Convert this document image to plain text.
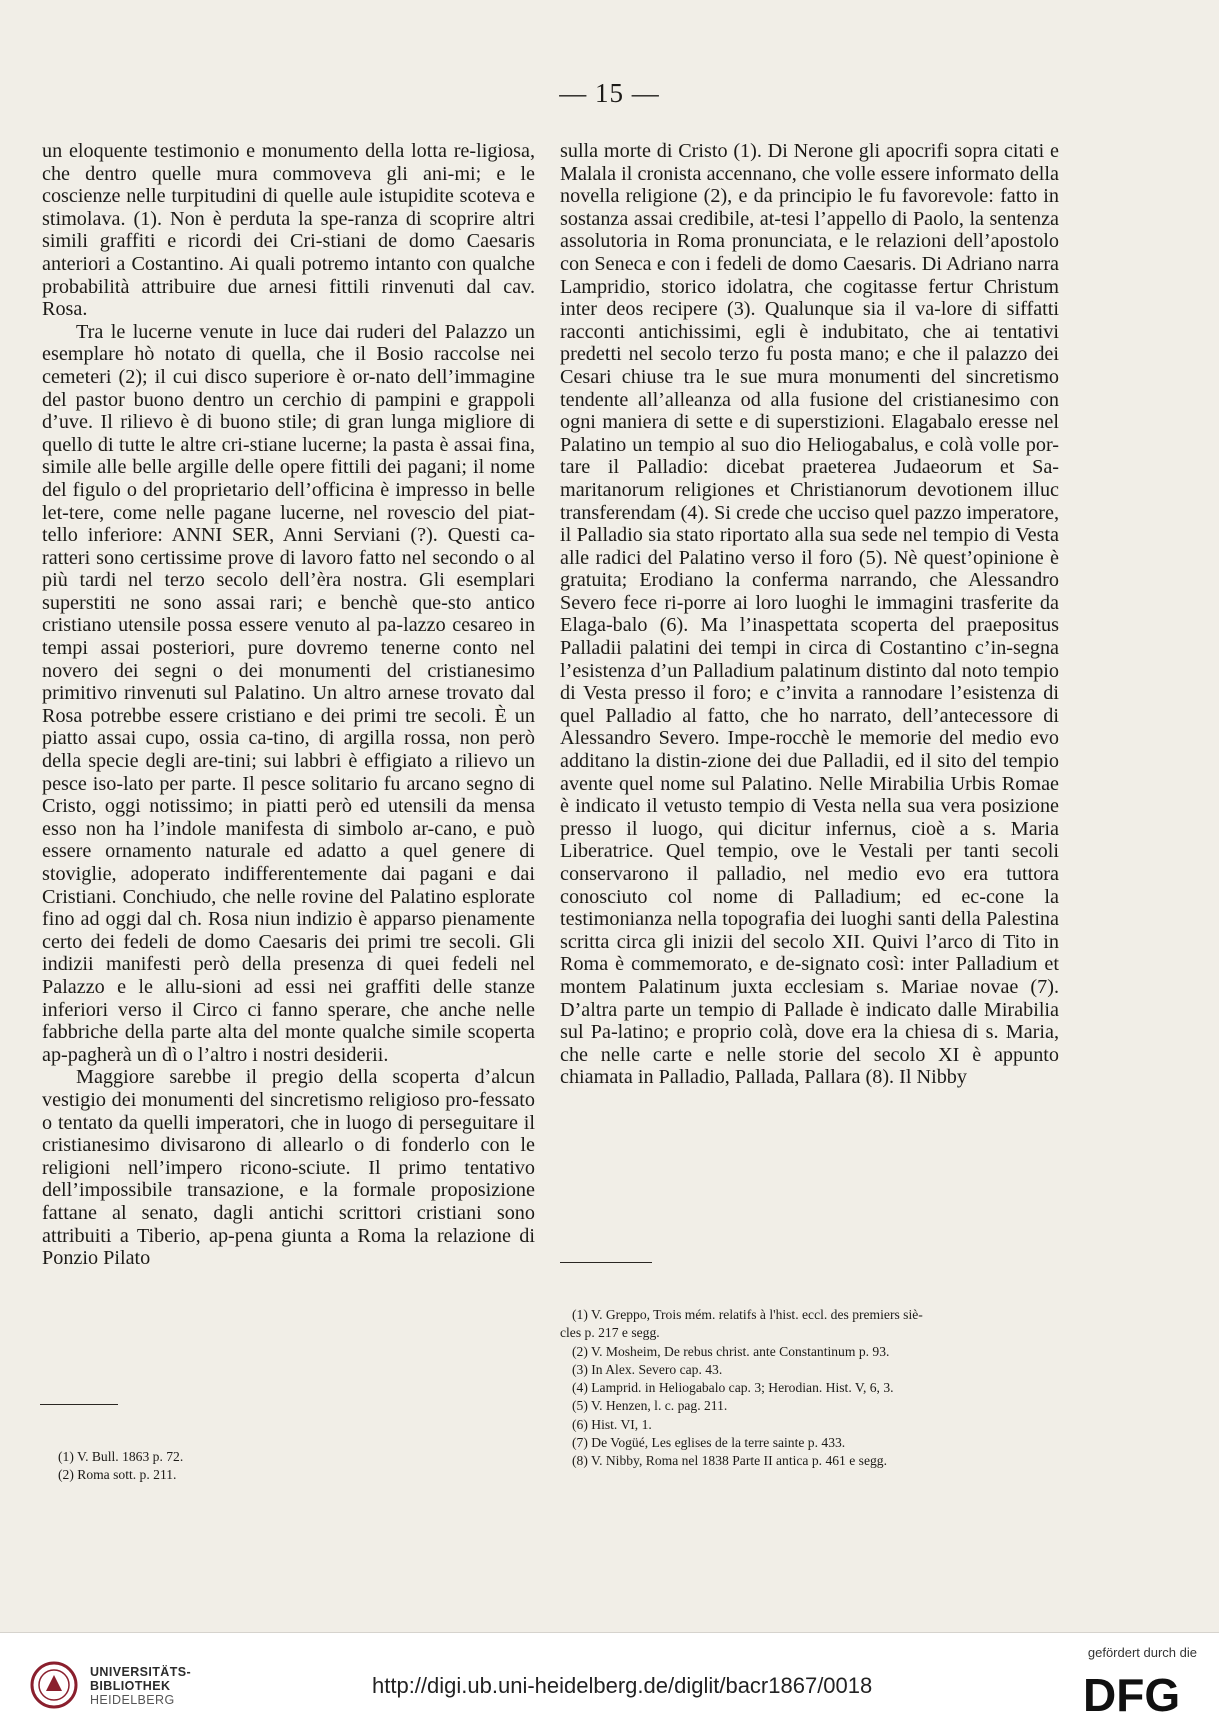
— 15 —

un eloquente testimonio e monumento della lotta re-ligiosa, che dentro quelle mura commoveva gli ani-mi; e le coscienze nelle turpitudini di quelle aule istupidite scoteva e stimolava. (1). Non è perduta la spe-ranza di scoprire altri simili graffiti e ricordi dei Cri-stiani de domo Caesaris anteriori a Costantino. Ai quali potremo intanto con qualche probabilità attribuire due arnesi fittili rinvenuti dal cav. Rosa.

Tra le lucerne venute in luce dai ruderi del Palazzo un esemplare hò notato di quella, che il Bosio raccolse nei cemeteri (2); il cui disco superiore è or-nato dell’immagine del pastor buono dentro un cerchio di pampini e grappoli d’uve. Il rilievo è di buono stile; di gran lunga migliore di quello di tutte le altre cri-stiane lucerne; la pasta è assai fina, simile alle belle argille delle opere fittili dei pagani; il nome del figulo o del proprietario dell’officina è impresso in belle let-tere, come nelle pagane lucerne, nel rovescio del piat-tello inferiore: ANNI SER, Anni Serviani (?). Questi ca-ratteri sono certissime prove di lavoro fatto nel secondo o al più tardi nel terzo secolo dell’èra nostra. Gli esemplari superstiti ne sono assai rari; e benchè que-sto antico cristiano utensile possa essere venuto al pa-lazzo cesareo in tempi assai posteriori, pure dovremo tenerne conto nel novero dei segni o dei monumenti del cristianesimo primitivo rinvenuti sul Palatino. Un altro arnese trovato dal Rosa potrebbe essere cristiano e dei primi tre secoli. È un piatto assai cupo, ossia ca-tino, di argilla rossa, non però della specie degli are-tini; sui labbri è effigiato a rilievo un pesce iso-lato per parte. Il pesce solitario fu arcano segno di Cristo, oggi notissimo; in piatti però ed utensili da mensa esso non ha l’indole manifesta di simbolo ar-cano, e può essere ornamento naturale ed adatto a quel genere di stoviglie, adoperato indifferentemente dai pagani e dai Cristiani. Conchiudo, che nelle rovine del Palatino esplorate fino ad oggi dal ch. Rosa niun indizio è apparso pienamente certo dei fedeli de domo Caesaris dei primi tre secoli. Gli indizii manifesti però della presenza di quei fedeli nel Palazzo e le allu-sioni ad essi nei graffiti delle stanze inferiori verso il Circo ci fanno sperare, che anche nelle fabbriche della parte alta del monte qualche simile scoperta ap-pagherà un dì o l’altro i nostri desiderii.

Maggiore sarebbe il pregio della scoperta d’alcun vestigio dei monumenti del sincretismo religioso pro-fessato o tentato da quelli imperatori, che in luogo di perseguitare il cristianesimo divisarono di allearlo o di fonderlo con le religioni nell’impero ricono-sciute. Il primo tentativo dell’impossibile transazione, e la formale proposizione fattane al senato, dagli antichi scrittori cristiani sono attribuiti a Tiberio, ap-pena giunta a Roma la relazione di Ponzio Pilato

sulla morte di Cristo (1). Di Nerone gli apocrifi sopra citati e Malala il cronista accennano, che volle essere informato della novella religione (2), e da principio le fu favorevole: fatto in sostanza assai credibile, at-tesi l’appello di Paolo, la sentenza assolutoria in Roma pronunciata, e le relazioni dell’apostolo con Seneca e con i fedeli de domo Caesaris. Di Adriano narra Lampridio, storico idolatra, che cogitasse fertur Christum inter deos recipere (3). Qualunque sia il va-lore di siffatti racconti antichissimi, egli è indubitato, che ai tentativi predetti nel secolo terzo fu posta mano; e che il palazzo dei Cesari chiuse tra le sue mura monumenti del sincretismo tendente all’alleanza od alla fusione del cristianesimo con ogni maniera di sette e di superstizioni. Elagabalo eresse nel Palatino un tempio al suo dio Heliogabalus, e colà volle por-tare il Palladio: dicebat praeterea Judaeorum et Sa-maritanorum religiones et Christianorum devotionem illuc transferendam (4). Si crede che ucciso quel pazzo imperatore, il Palladio sia stato riportato alla sua sede nel tempio di Vesta alle radici del Palatino verso il foro (5). Nè quest’opinione è gratuita; Erodiano la conferma narrando, che Alessandro Severo fece ri-porre ai loro luoghi le immagini trasferite da Elaga-balo (6). Ma l’inaspettata scoperta del praepositus Palladii palatini dei tempi in circa di Costantino c’in-segna l’esistenza d’un Palladium palatinum distinto dal noto tempio di Vesta presso il foro; e c’invita a rannodare l’esistenza di quel Palladio al fatto, che ho narrato, dell’antecessore di Alessandro Severo. Impe-rocchè le memorie del medio evo additano la distin-zione dei due Palladii, ed il sito del tempio avente quel nome sul Palatino. Nelle Mirabilia Urbis Romae è indicato il vetusto tempio di Vesta nella sua vera posizione presso il luogo, qui dicitur infernus, cioè a s. Maria Liberatrice. Quel tempio, ove le Vestali per tanti secoli conservarono il palladio, nel medio evo era tuttora conosciuto col nome di Palladium; ed ec-cone la testimonianza nella topografia dei luoghi santi della Palestina scritta circa gli inizii del secolo XII. Quivi l’arco di Tito in Roma è commemorato, e de-signato così: inter Palladium et montem Palatinum juxta ecclesiam s. Mariae novae (7). D’altra parte un tempio di Pallade è indicato dalle Mirabilia sul Pa-latino; e proprio colà, dove era la chiesa di s. Maria, che nelle carte e nelle storie del secolo XI è appunto chiamata in Palladio, Pallada, Pallara (8). Il Nibby

(1) V. Bull. 1863 p. 72.

(2) Roma sott. p. 211.

(1) V. Greppo, Trois mém. relatifs à l'hist. eccl. des premiers siè-

cles p. 217 e segg.

(2) V. Mosheim, De rebus christ. ante Constantinum p. 93.

(3) In Alex. Severo cap. 43.

(4) Lamprid. in Heliogabalo cap. 3; Herodian. Hist. V, 6, 3.

(5) V. Henzen, l. c. pag. 211.

(6) Hist. VI, 1.

(7) De Vogüé, Les eglises de la terre sainte p. 433.

(8) V. Nibby, Roma nel 1838 Parte II antica p. 461 e segg.

UNIVERSITÄTS-
BIBLIOTHEK
HEIDELBERG
http://digi.ub.uni-heidelberg.de/diglit/bacr1867/0018
gefördert durch die
DFG
